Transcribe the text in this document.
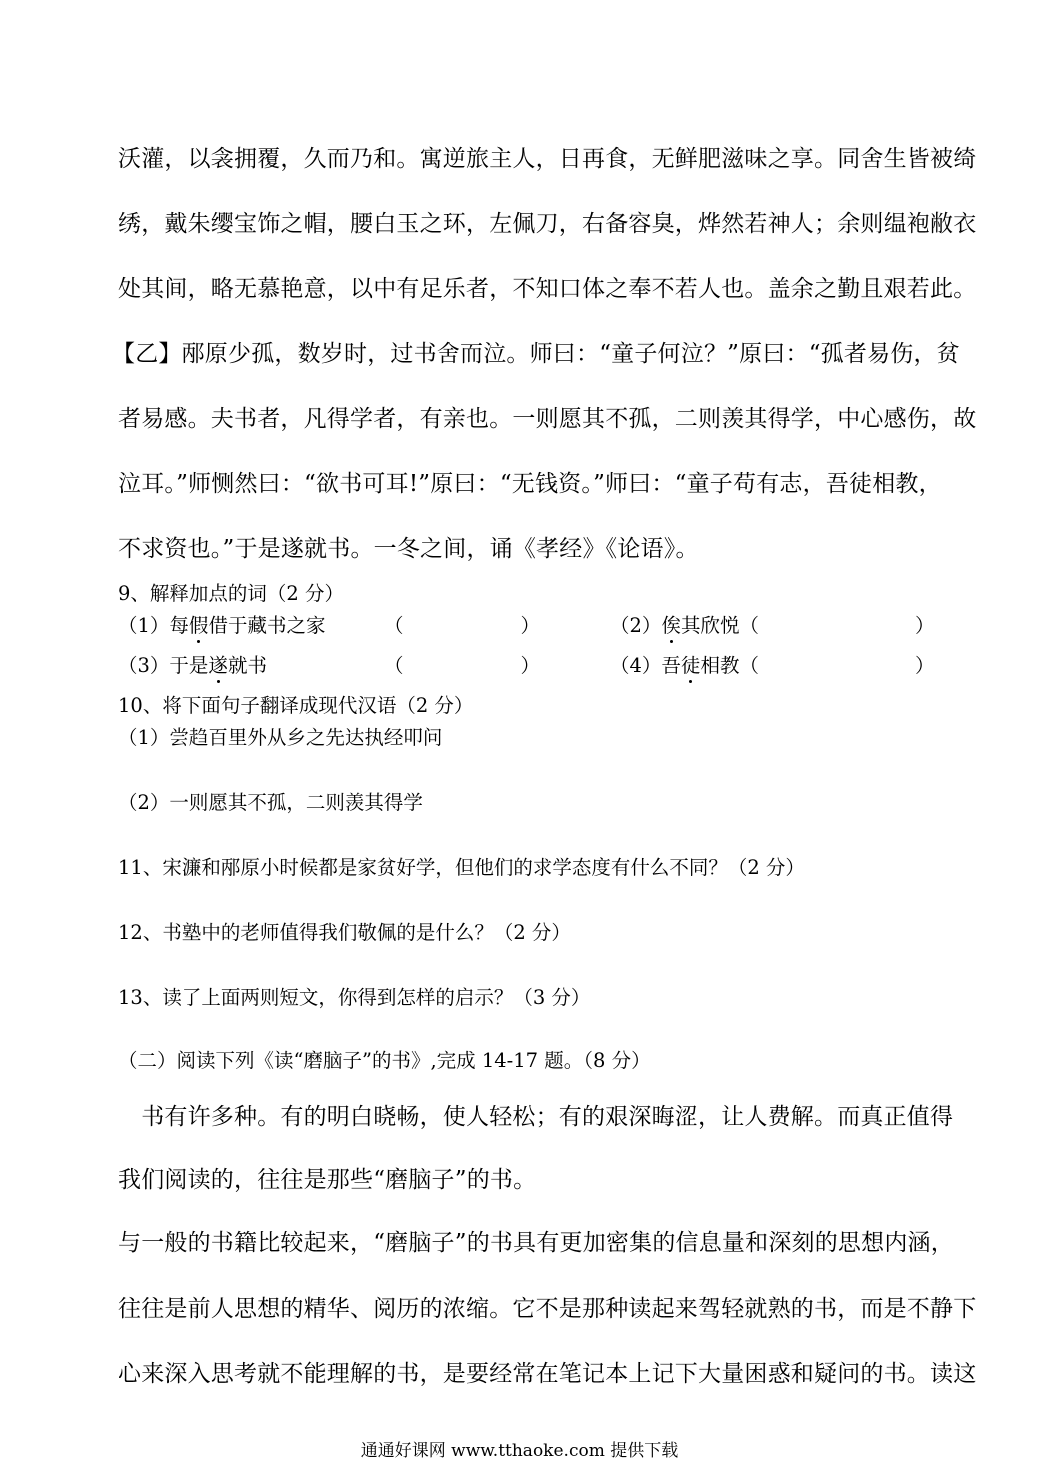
沃灌，以衾拥覆，久而乃和。寓逆旅主人，日再食，无鲜肥滋味之享。同舍生皆被绮
绣，戴朱缨宝饰之帽，腰白玉之环，左佩刀，右备容臭，烨然若神人；余则缊袍敝衣
处其间，略无慕艳意，以中有足乐者，不知口体之奉不若人也。盖余之勤且艰若此。
【乙】邴原少孤，数岁时，过书舍而泣。师曰：“童子何泣？”原曰：“孤者易伤，贫
者易感。夫书者，凡得学者，有亲也。一则愿其不孤，二则羡其得学，中心感伤，故
泣耳。”师恻然曰：“欲书可耳!”原曰：“无钱资。”师曰：“童子苟有志，吾徒相教，
不求资也。”于是遂就书。一冬之间，诵《孝经》《论语》。
9、解释加点的词（2 分）
（1）每假借于藏书之家	（　　　　　　）	（2）俟其欣悦（　　　　　　　　）
（3）于是遂就书	（　　　　　　）	（4）吾徒相教（　　　　　　　　）
10、将下面句子翻译成现代汉语（2 分）
（1）尝趋百里外从乡之先达执经叩问
（2）一则愿其不孤，二则羡其得学
11、宋濂和邴原小时候都是家贫好学，但他们的求学态度有什么不同？（2 分）
12、书塾中的老师值得我们敬佩的是什么？（2 分）
13、读了上面两则短文，你得到怎样的启示？（3 分）
（二）阅读下列《读“磨脑子”的书》,完成 14-17 题。（8 分）
　书有许多种。有的明白晓畅，使人轻松；有的艰深晦涩，让人费解。而真正值得
我们阅读的，往往是那些“磨脑子”的书。
与一般的书籍比较起来，“磨脑子”的书具有更加密集的信息量和深刻的思想内涵，
往往是前人思想的精华、阅历的浓缩。它不是那种读起来驾轻就熟的书，而是不静下
心来深入思考就不能理解的书，是要经常在笔记本上记下大量困惑和疑问的书。读这
通通好课网 www.tthaoke.com 提供下载
